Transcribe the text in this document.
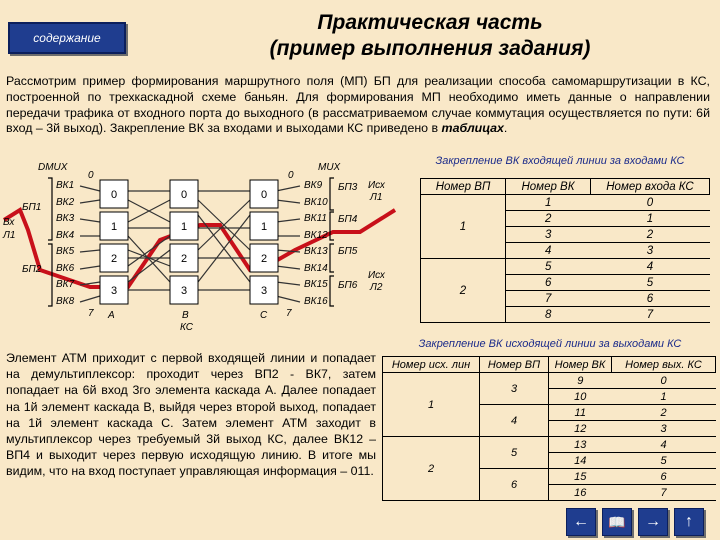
содержание
Практическая часть
(пример выполнения задания)
Рассмотрим пример формирования маршрутного поля (МП) БП для реализации способа самомаршрутизации в КС, построенной по трехкаскадной схеме баньян. Для формирования МП необходимо иметь данные о направлении передачи трафика от входного порта до выходного (в рассматриваемом случае коммутация осуществляется по пути: 6й вход – 3й выход). Закрепление ВК за входами и выходами КС приведено в таблицах.
DMUX	MUX
0	0
Вх
Л1
БП1
БП2
ВК1
ВК2
ВК3
ВК4
ВК5
ВК6
ВК7
ВК8
ВК9
ВК10
ВК11
ВК12
ВК13
ВК14
ВК15
ВК16
БП3
БП4
БП5
БП6
Исх
Л1
Исх
Л2
7	7
A	B
КС
C
0
1
2
3
0
1
2
3
0
1
2
3
Закрепление ВК входящей линии за входами КС
Номер ВП	Номер ВК	Номер входа КС
1	1	0
	2	1
	3	2
	4	3
2	5	4
	6	5
	7	6
	8	7
Закрепление ВК исходящей линии за выходами КС
Номер исх. лин	Номер ВП	Номер ВК	Номер вых. КС
1	3	9	0
		10	1
	4	11	2
		12	3
2	5	13	4
		14	5
	6	15	6
		16	7
Элемент АТМ приходит с первой входящей линии и попадает на демультиплексор: проходит через ВП2 - ВК7, затем попадает на 6й вход 3го элемента каскада А. Далее попадает на 1й элемент каскада В, выйдя через второй выход, попадает на 1й элемент каскада С. Затем элемент АТМ заходит в мультиплексор через требуемый 3й выход КС, далее ВК12 – ВП4 и выходит через первую исходящую линию. В итоге мы видим, что на вход поступает управляющая информация – 011.
←	📖	→	↑
